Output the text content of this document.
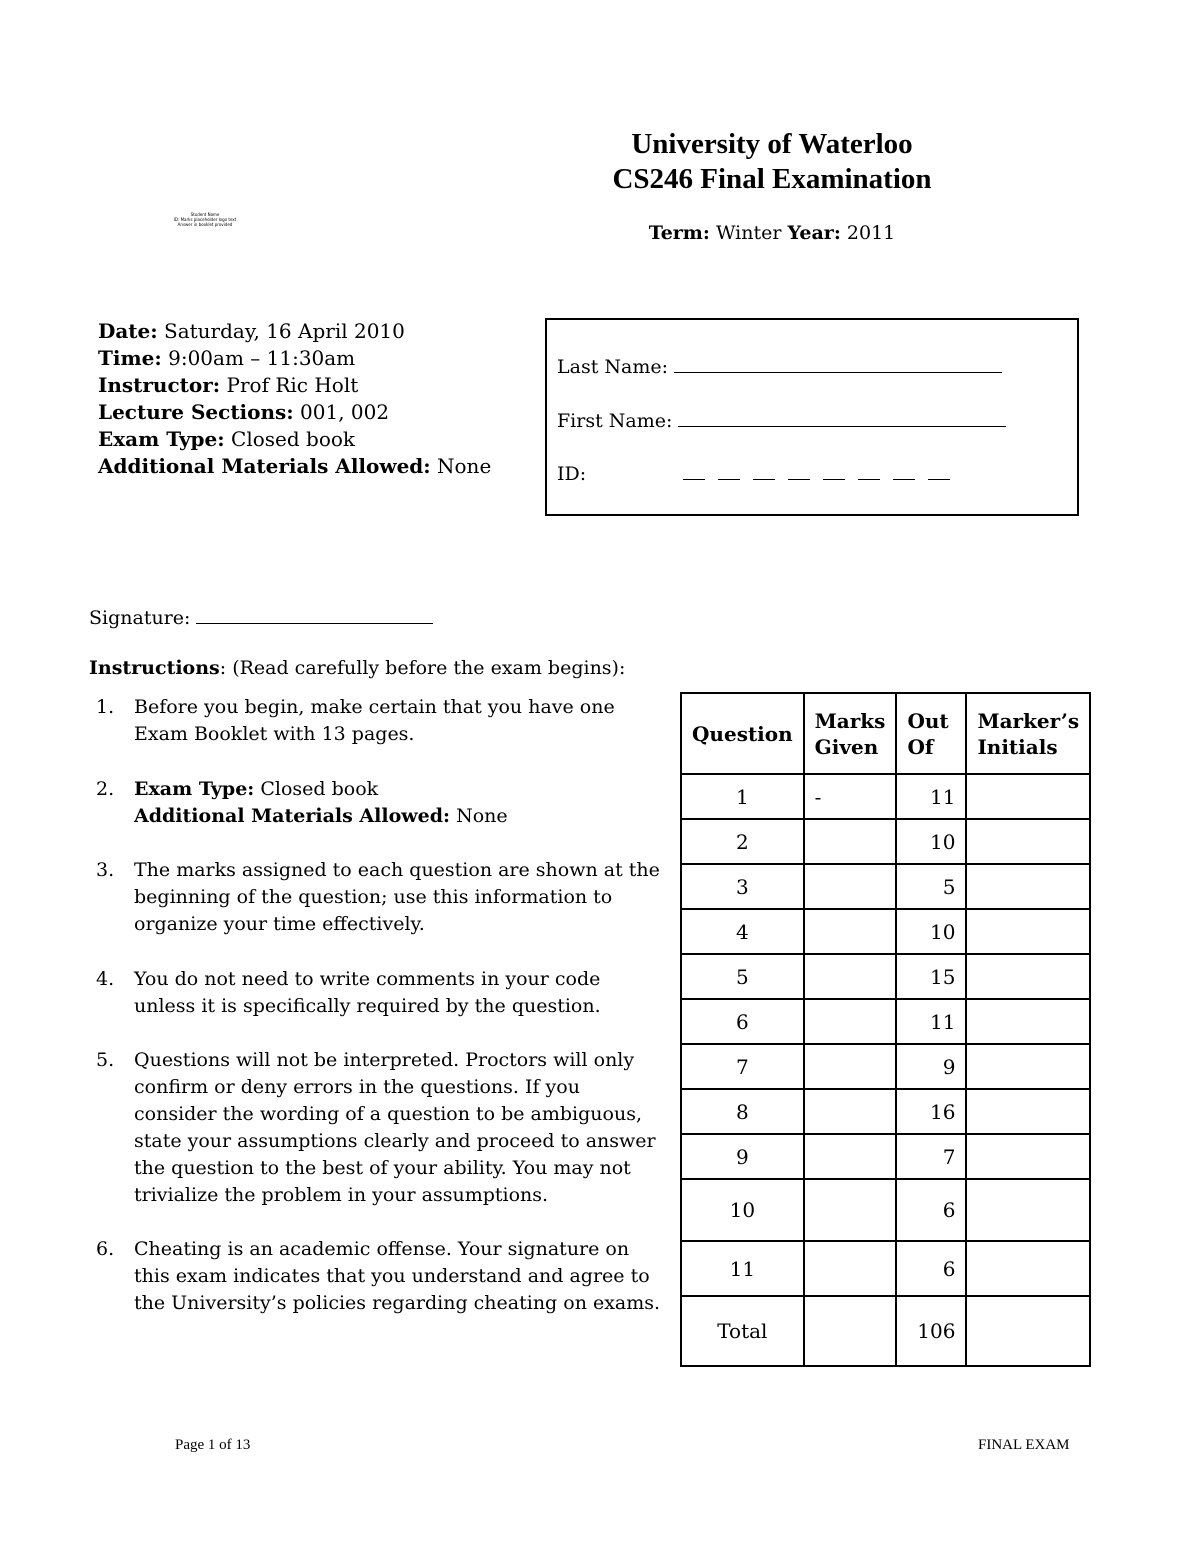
University of Waterloo
CS246 Final Examination
Term: Winter Year: 2011
Student Name
ID: Marks placeholder logo text
Answer in booklet provided
Date: Saturday, 16 April 2010
Time: 9:00am – 11:30am
Instructor: Prof Ric Holt
Lecture Sections: 001, 002
Exam Type: Closed book
Additional Materials Allowed: None
Last Name:
First Name:
ID:
Signature:
Instructions: (Read carefully before the exam begins):
1. Before you begin, make certain that you have one Exam Booklet with 13 pages.
2. Exam Type: Closed book
Additional Materials Allowed: None
3. The marks assigned to each question are shown at the beginning of the question; use this information to organize your time effectively.
4. You do not need to write comments in your code unless it is specifically required by the question.
5. Questions will not be interpreted. Proctors will only confirm or deny errors in the questions. If you consider the wording of a question to be ambiguous, state your assumptions clearly and proceed to answer the question to the best of your ability. You may not trivialize the problem in your assumptions.
6. Cheating is an academic offense. Your signature on this exam indicates that you understand and agree to the University’s policies regarding cheating on exams.
Question	Marks Given	Out Of	Marker’s Initials
1	-	11	
2		10	
3		5	
4		10	
5		15	
6		11	
7		9	
8		16	
9		7	
10		6	
11		6	
Total		106	
Page 1 of 13	FINAL EXAM
